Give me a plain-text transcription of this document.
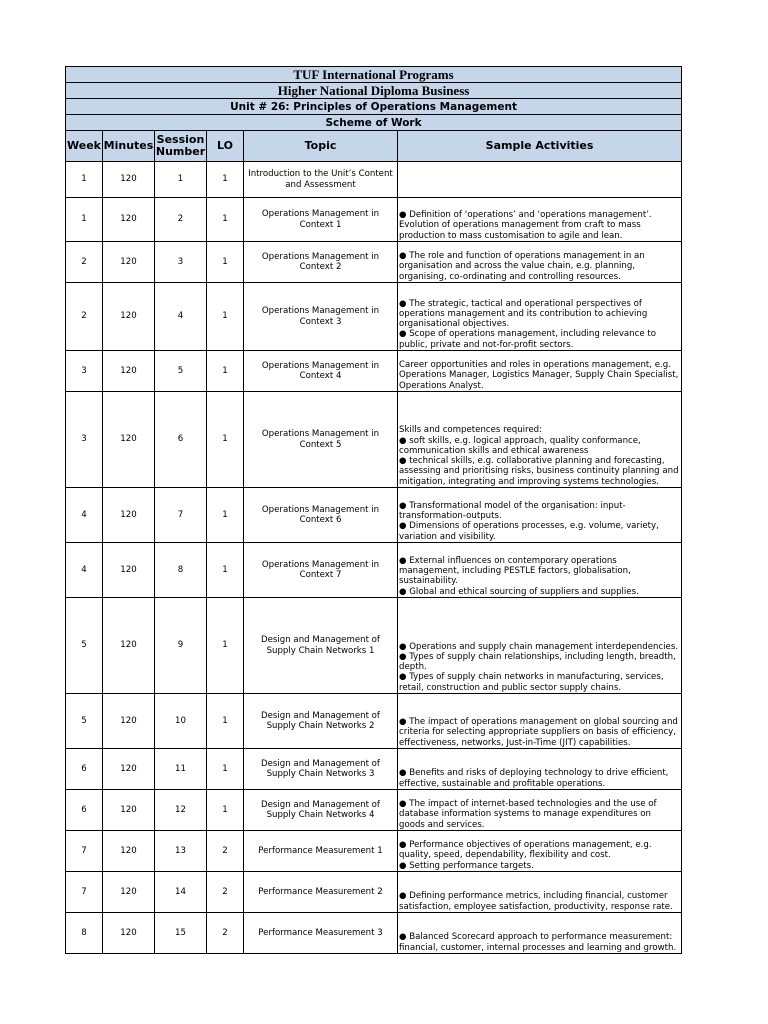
TUF International Programs					
Higher National Diploma Business					
Unit # 26: Principles of Operations Management					
Scheme of Work					
Week	Minutes	Session Number	LO	Topic	Sample Activities
1	120	1	1	Introduction to the Unit’s Content and Assessment	
1	120	2	1	Operations Management in Context 1	● Definition of ‘operations’ and ‘operations management’.
Evolution of operations management from craft to mass production to mass customisation to agile and lean.
2	120	3	1	Operations Management in Context 2	● The role and function of operations management in an organisation and across the value chain, e.g. planning, organising, co-ordinating and controlling resources.
2	120	4	1	Operations Management in Context 3	● The strategic, tactical and operational perspectives of operations management and its contribution to achieving organisational objectives.
● Scope of operations management, including relevance to public, private and not-for-profit sectors.
3	120	5	1	Operations Management in Context 4	Career opportunities and roles in operations management, e.g. Operations Manager, Logistics Manager, Supply Chain Specialist, Operations Analyst.
3	120	6	1	Operations Management in Context 5	Skills and competences required:
● soft skills, e.g. logical approach, quality conformance, communication skills and ethical awareness
● technical skills, e.g. collaborative planning and forecasting, assessing and prioritising risks, business continuity planning and mitigation, integrating and improving systems technologies.
4	120	7	1	Operations Management in Context 6	● Transformational model of the organisation: input-transformation-outputs.
● Dimensions of operations processes, e.g. volume, variety, variation and visibility.
4	120	8	1	Operations Management in Context 7	● External influences on contemporary operations management, including PESTLE factors, globalisation, sustainability.
● Global and ethical sourcing of suppliers and supplies.
5	120	9	1	Design and Management of Supply Chain Networks 1	● Operations and supply chain management interdependencies.
● Types of supply chain relationships, including length, breadth, depth.
● Types of supply chain networks in manufacturing, services, retail, construction and public sector supply chains.
5	120	10	1	Design and Management of Supply Chain Networks 2	● The impact of operations management on global sourcing and criteria for selecting appropriate suppliers on basis of efficiency, effectiveness, networks, Just-in-Time (JIT) capabilities.
6	120	11	1	Design and Management of Supply Chain Networks 3	● Benefits and risks of deploying technology to drive efficient, effective, sustainable and profitable operations.
6	120	12	1	Design and Management of Supply Chain Networks 4	● The impact of internet-based technologies and the use of database information systems to manage expenditures on goods and services.
7	120	13	2	Performance Measurement 1	● Performance objectives of operations management, e.g. quality, speed, dependability, flexibility and cost.
● Setting performance targets.
7	120	14	2	Performance Measurement 2	● Defining performance metrics, including financial, customer satisfaction, employee satisfaction, productivity, response rate.
8	120	15	2	Performance Measurement 3	● Balanced Scorecard approach to performance measurement: financial, customer, internal processes and learning and growth.
